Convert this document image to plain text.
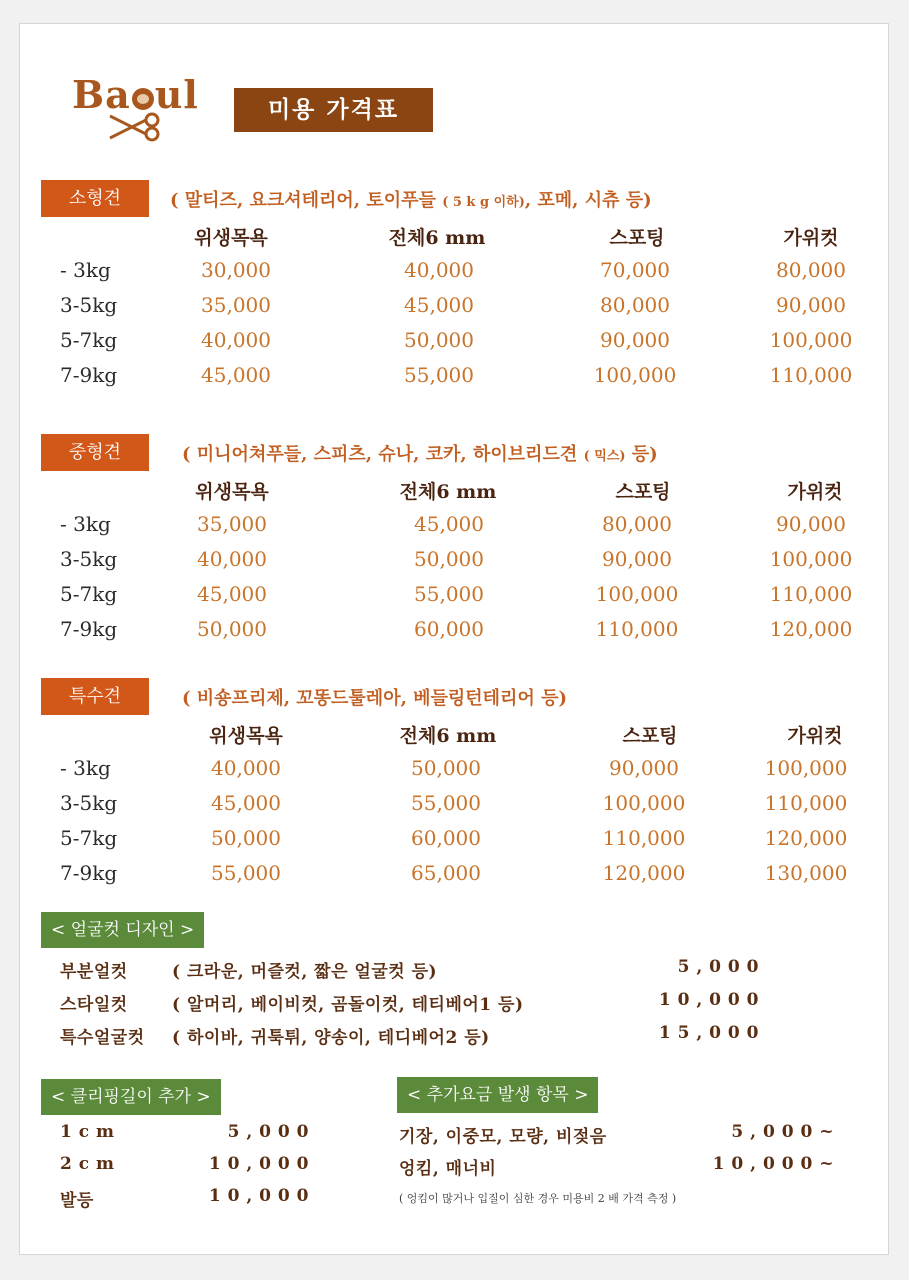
Ba ul	미용 가격표
소형견	( 말티즈, 요크셔테리어, 토이푸들 ( 5 k g 이하), 포메, 시츄 등)
위생목욕	전체6 mm	스포팅	가위컷
- 3kg	30,000	40,000	70,000	80,000
3-5kg	35,000	45,000	80,000	90,000
5-7kg	40,000	50,000	90,000	100,000
7-9kg	45,000	55,000	100,000	110,000
중형견	( 미니어쳐푸들, 스피츠, 슈나, 코카, 하이브리드견 ( 믹스) 등)
위생목욕	전체6 mm	스포팅	가위컷
- 3kg	35,000	45,000	80,000	90,000
3-5kg	40,000	50,000	90,000	100,000
5-7kg	45,000	55,000	100,000	110,000
7-9kg	50,000	60,000	110,000	120,000
특수견	( 비숑프리제, 꼬똥드툴레아, 베들링턴테리어 등)
위생목욕	전체6 mm	스포팅	가위컷
- 3kg	40,000	50,000	90,000	100,000
3-5kg	45,000	55,000	100,000	110,000
5-7kg	50,000	60,000	110,000	120,000
7-9kg	55,000	65,000	120,000	130,000
< 얼굴컷 디자인 >
부분얼컷	( 크라운, 머즐컷, 짧은 얼굴컷 등)	5 , 0 0 0
스타일컷	( 알머리, 베이비컷, 곰돌이컷, 테티베어1 등)	1 0 , 0 0 0
특수얼굴컷 ( 하이바, 귀툭튀, 양송이, 테디베어2 등)	1 5 , 0 0 0
< 클리핑길이 추가 >
1 c m	5 , 0 0 0
2 c m	1 0 , 0 0 0
발등	1 0 , 0 0 0
< 추가요금 발생 항목 >
기장, 이중모, 모량, 비젖음	5 , 0 0 0 ~
엉킴, 매너비	1 0 , 0 0 0 ~
( 엉킴이 많거나 입질이 심한 경우 미용비 2 배 가격 측정 )
